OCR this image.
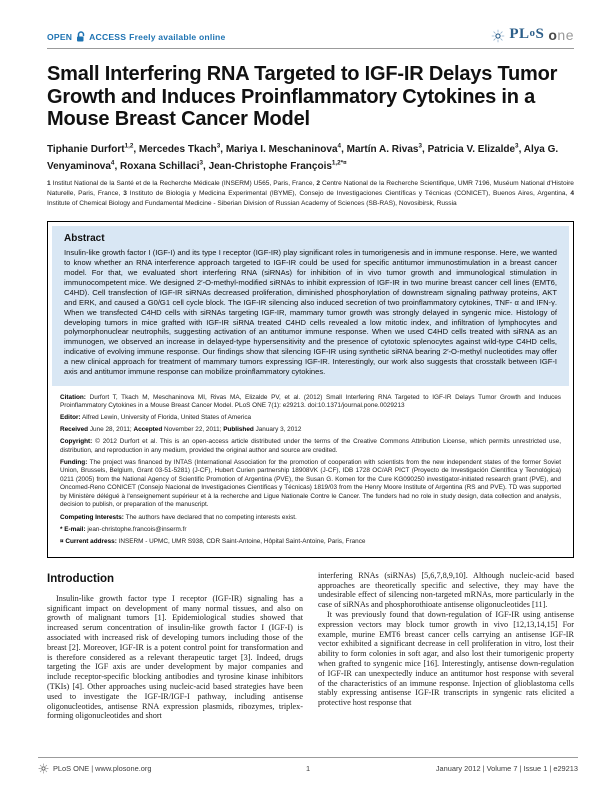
OPEN ACCESS Freely available online	PLoS one
Small Interfering RNA Targeted to IGF-IR Delays Tumor Growth and Induces Proinflammatory Cytokines in a Mouse Breast Cancer Model

Tiphanie Durfort$^{1,2}$, Mercedes Tkach$^3$, Mariya I. Meschaninova$^4$, Martín A. Rivas$^3$, Patricia V. Elizalde$^3$, Alya G. Venyaminova$^4$, Roxana Schillaci$^3$, Jean-Christophe François$^{1,2*¤}$

1 Institut National de la Santé et de la Recherche Médicale (INSERM) U565, Paris, France, 2 Centre National de la Recherche Scientifique, UMR 7196, Muséum National d'Histoire Naturelle, Paris, France, 3 Instituto de Biología y Medicina Experimental (IBYME), Consejo de Investigaciones Científicas y Técnicas (CONICET), Buenos Aires, Argentina, 4 Institute of Chemical Biology and Fundamental Medicine - Siberian Division of Russian Academy of Sciences (SB-RAS), Novosibirsk, Russia

Abstract

Insulin-like growth factor I (IGF-I) and its type I receptor (IGF-IR) play significant roles in tumorigenesis and in immune response. Here, we wanted to know whether an RNA interference approach targeted to IGF-IR could be used for specific antitumor immunostimulation in a breast cancer model. For that, we evaluated short interfering RNA (siRNAs) for inhibition of in vivo tumor growth and immunological stimulation in immunocompetent mice. We designed 2′-O-methyl-modified siRNAs to inhibit expression of IGF-IR in two murine breast cancer cell lines (EMT6, C4HD). Cell transfection of IGF-IR siRNAs decreased proliferation, diminished phosphorylation of downstream signaling pathway proteins, AKT and ERK, and caused a G0/G1 cell cycle block. The IGF-IR silencing also induced secretion of two proinflammatory cytokines, TNF- α and IFN-γ. When we transfected C4HD cells with siRNAs targeting IGF-IR, mammary tumor growth was strongly delayed in syngenic mice. Histology of developing tumors in mice grafted with IGF-IR siRNA treated C4HD cells revealed a low mitotic index, and infiltration of lymphocytes and polymorphonuclear neutrophils, suggesting activation of an antitumor immune response. When we used C4HD cells treated with siRNA as an immunogen, we observed an increase in delayed-type hypersensitivity and the presence of cytotoxic splenocytes against wild-type C4HD cells, indicative of evolving immune response. Our findings show that silencing IGF-IR using synthetic siRNA bearing 2′-O-methyl nucleotides may offer a new clinical approach for treatment of mammary tumors expressing IGF-IR. Interestingly, our work also suggests that crosstalk between IGF-I axis and antitumor immune response can mobilize proinflammatory cytokines.

Citation: Durfort T, Tkach M, Meschaninova MI, Rivas MA, Elizalde PV, et al. (2012) Small Interfering RNA Targeted to IGF-IR Delays Tumor Growth and Induces Proinflammatory Cytokines in a Mouse Breast Cancer Model. PLoS ONE 7(1): e29213. doi:10.1371/journal.pone.0029213

Editor: Alfred Lewin, University of Florida, United States of America

Received June 28, 2011; Accepted November 22, 2011; Published January 3, 2012

Copyright: © 2012 Durfort et al. This is an open-access article distributed under the terms of the Creative Commons Attribution License, which permits unrestricted use, distribution, and reproduction in any medium, provided the original author and source are credited.

Funding: The project was financed by INTAS (International Association for the promotion of cooperation with scientists from the new independent states of the former Soviet Union, Brussels, Belgium, Grant 03-51-5281) (J-CF), Hubert Curien partnership 18908VK (J-CF), IDB 1728 OC/AR PICT (Proyecto de Investigación Científica y Tecnológica) 0211 (2005) from the National Agency of Scientific Promotion of Argentina (PVE), the Susan G. Komen for the Cure KG090250 investigator-initiated research grant (PVE), and Oncomed-Reno CONICET (Consejo Nacional de Investigaciones Científicas y Técnicas) 1819/03 from the Henry Moore Institute of Argentina (RS and PVE). TD was supported by Ministère délégué à l'enseignement supérieur et à la recherche and Ligue Nationale Contre le Cancer. The funders had no role in study design, data collection and analysis, decision to publish, or preparation of the manuscript.

Competing Interests: The authors have declared that no competing interests exist.

* E-mail: jean-christophe.francois@inserm.fr

¤ Current address: INSERM - UPMC, UMR S938, CDR Saint-Antoine, Hôpital Saint-Antoine, Paris, France

Introduction

Insulin-like growth factor type I receptor (IGF-IR) signaling has a significant impact on development of many normal tissues, and also on growth of malignant tumors [1]. Epidemiological studies showed that increased serum concentration of insulin-like growth factor I (IGF-I) is associated with increased risk of developing tumors including those of the breast [2]. Moreover, IGF-IR is a potent control point for transformation and is therefore considered as a relevant therapeutic target [3]. Indeed, drugs targeting the IGF axis are under development by major companies and include receptor-specific blocking antibodies and tyrosine kinase inhibitors (TKIs) [4]. Other approaches using nucleic-acid based strategies have been used to investigate the IGF-IR/IGF-I pathway, including antisense oligonucleotides, antisense RNA expression plasmids, ribozymes, triplex-forming oligonucleotides and short

interfering RNAs (siRNAs) [5,6,7,8,9,10]. Although nucleic-acid based approaches are theoretically specific and selective, they may have the undesirable effect of silencing non-targeted mRNAs, more particularly in the case of siRNAs and phosphorothioate antisense oligonucleotides [11].

It was previously found that down-regulation of IGF-IR using antisense expression vectors may block tumor growth in vivo [12,13,14,15] For example, murine EMT6 breast cancer cells carrying an antisense IGF-IR vector exhibited a significant decrease in cell proliferation in vitro, lost their ability to form colonies in soft agar, and also lost their tumorigenic property when grafted to syngenic mice [16]. Interestingly, antisense down-regulation of IGF-IR can unexpectedly induce an antitumor host response with several of the characteristics of an immune response. Injection of glioblastoma cells stably expressing antisense IGF-IR transcripts in syngenic rats elicited a protective host response that

PLoS ONE | www.plosone.org	1	January 2012 | Volume 7 | Issue 1 | e29213
